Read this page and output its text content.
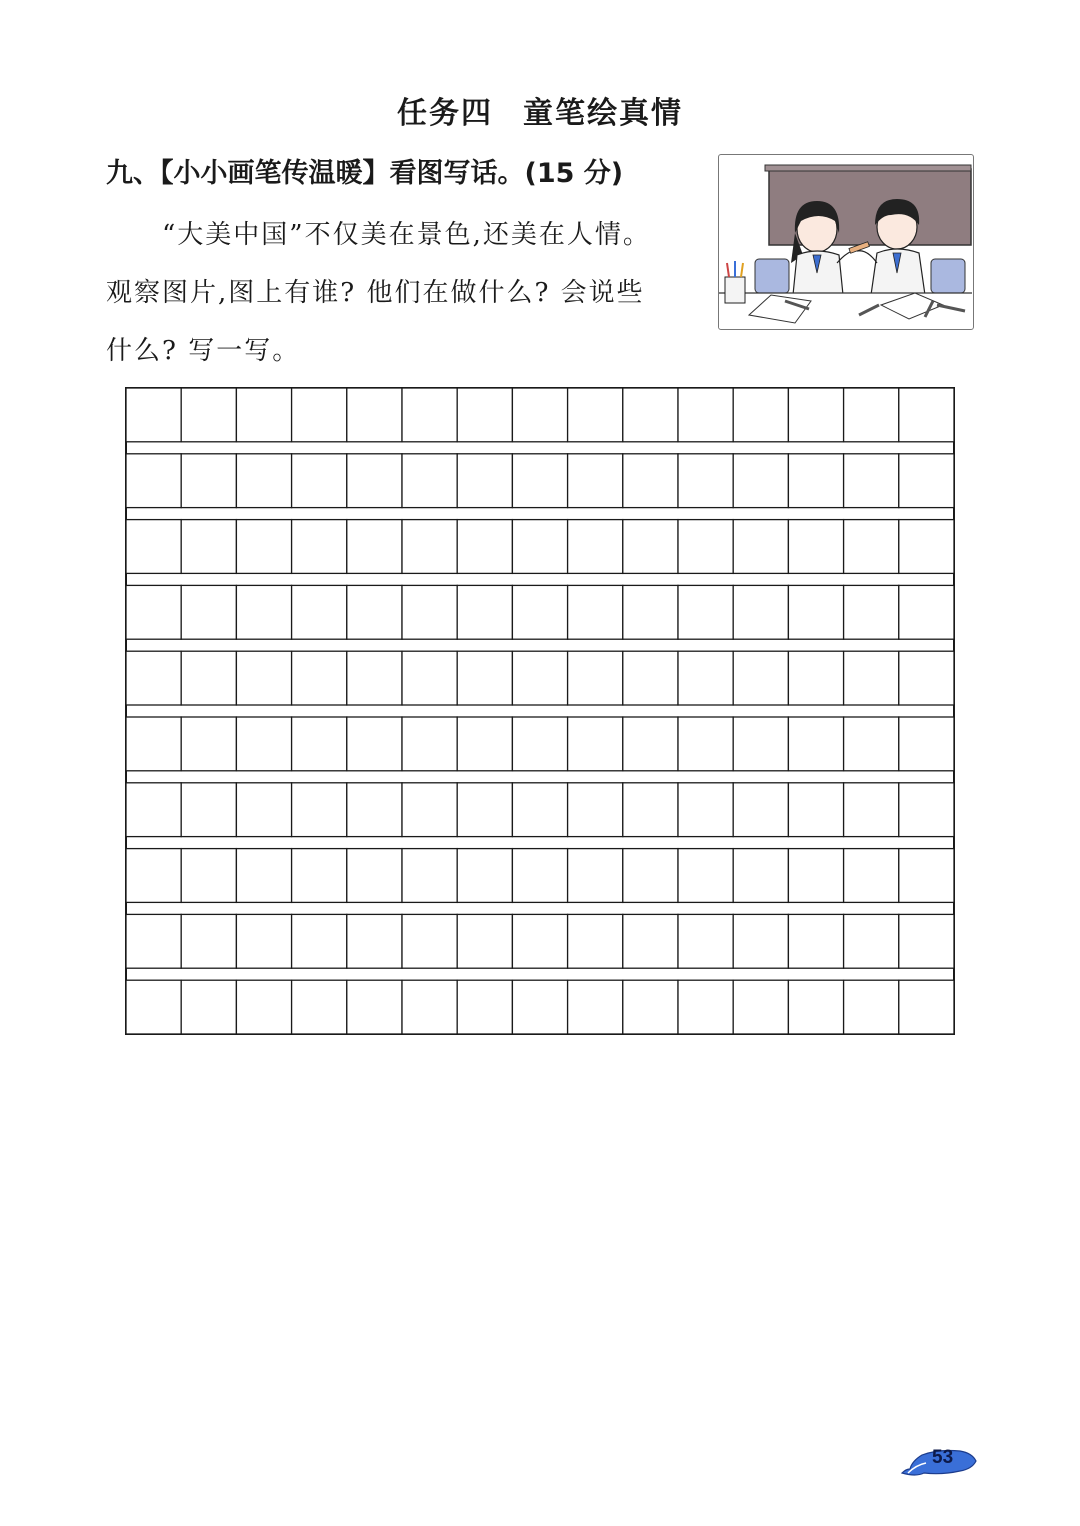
任务四 童笔绘真情
九、【小小画笔传温暖】看图写话。(15 分)

“大美中国”不仅美在景色,还美在人情。

观察图片,图上有谁? 他们在做什么? 会说些

什么? 写一写。

53
